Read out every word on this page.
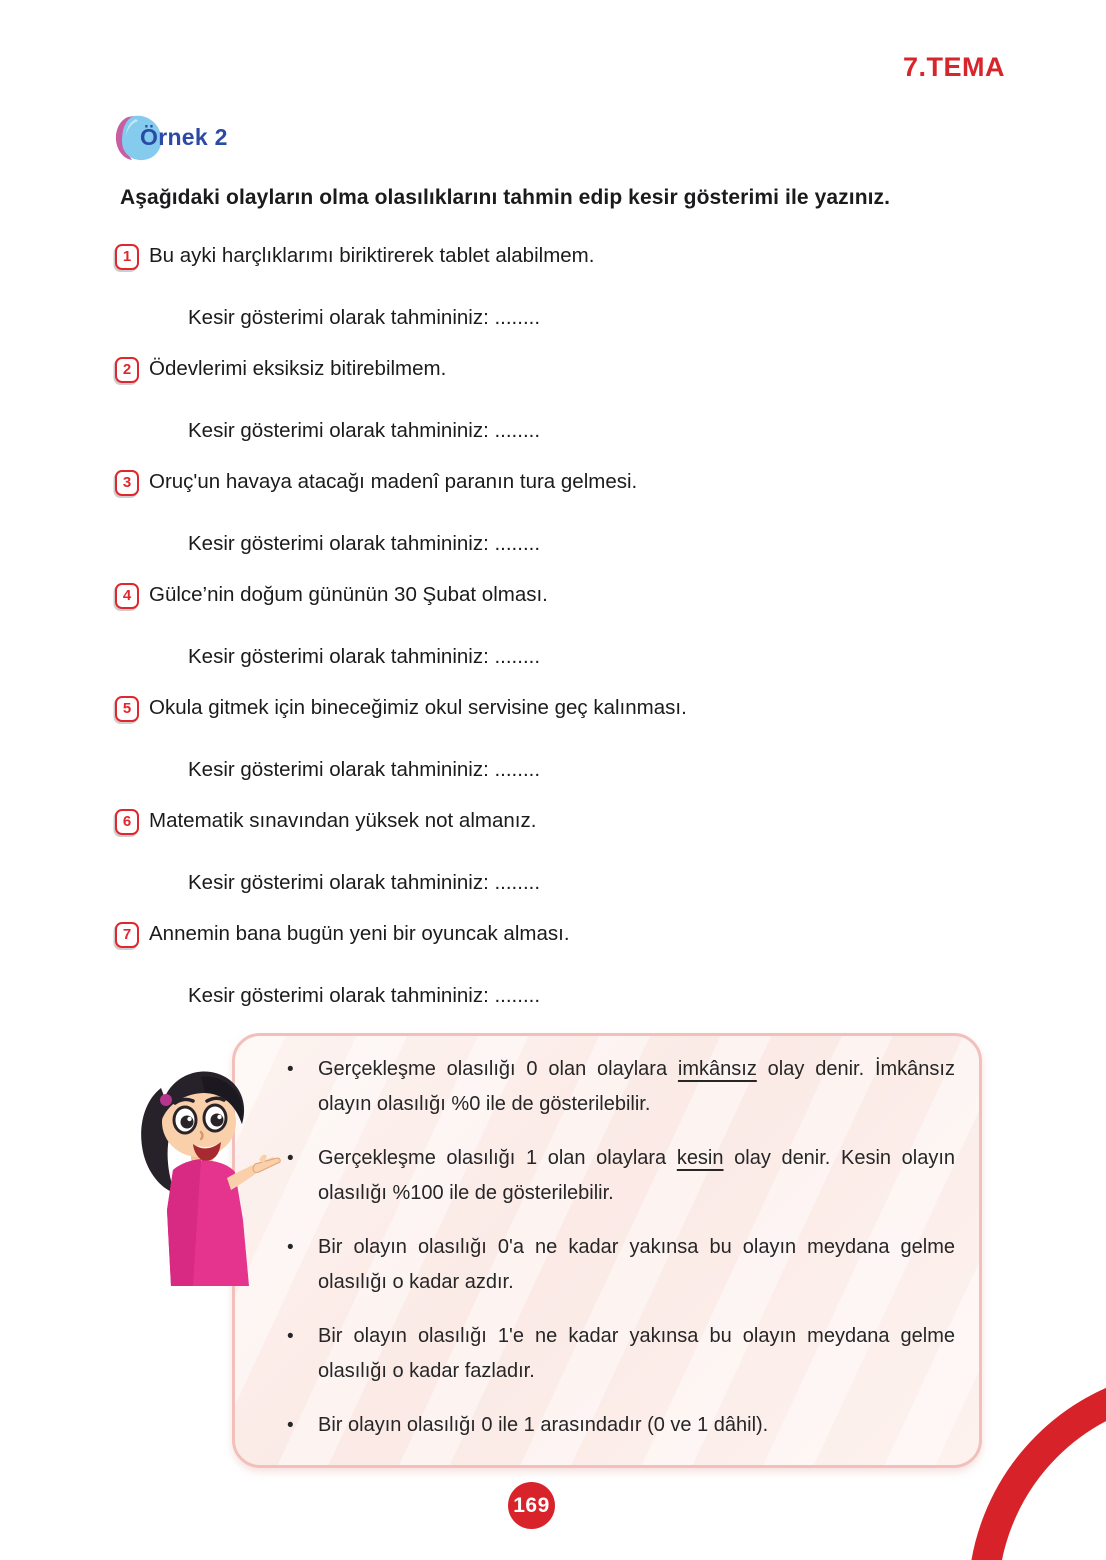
7.TEMA
Örnek 2
Aşağıdaki olayların olma olasılıklarını tahmin edip kesir gösterimi ile yazınız.
1 Bu ayki harçlıklarımı biriktirerek tablet alabilmem.
Kesir gösterimi olarak tahmininiz: ........
2 Ödevlerimi eksiksiz bitirebilmem.
Kesir gösterimi olarak tahmininiz: ........
3 Oruç'un havaya atacağı madenî paranın tura gelmesi.
Kesir gösterimi olarak tahmininiz: ........
4 Gülce’nin doğum gününün 30 Şubat olması.
Kesir gösterimi olarak tahmininiz: ........
5 Okula gitmek için bineceğimiz okul servisine geç kalınması.
Kesir gösterimi olarak tahmininiz: ........
6 Matematik sınavından yüksek not almanız.
Kesir gösterimi olarak tahmininiz: ........
7 Annemin bana bugün yeni bir oyuncak alması.
Kesir gösterimi olarak tahmininiz: ........
• Gerçekleşme olasılığı 0 olan olaylara imkânsız olay denir. İmkânsız olayın olasılığı %0 ile de gösterilebilir.
• Gerçekleşme olasılığı 1 olan olaylara kesin olay denir. Kesin olayın olasılığı %100 ile de gösterilebilir.
• Bir olayın olasılığı 0'a ne kadar yakınsa bu olayın meydana gelme olasılığı o kadar azdır.
• Bir olayın olasılığı 1'e ne kadar yakınsa bu olayın meydana gelme olasılığı o kadar fazladır.
• Bir olayın olasılığı 0 ile 1 arasındadır (0 ve 1 dâhil).
169
